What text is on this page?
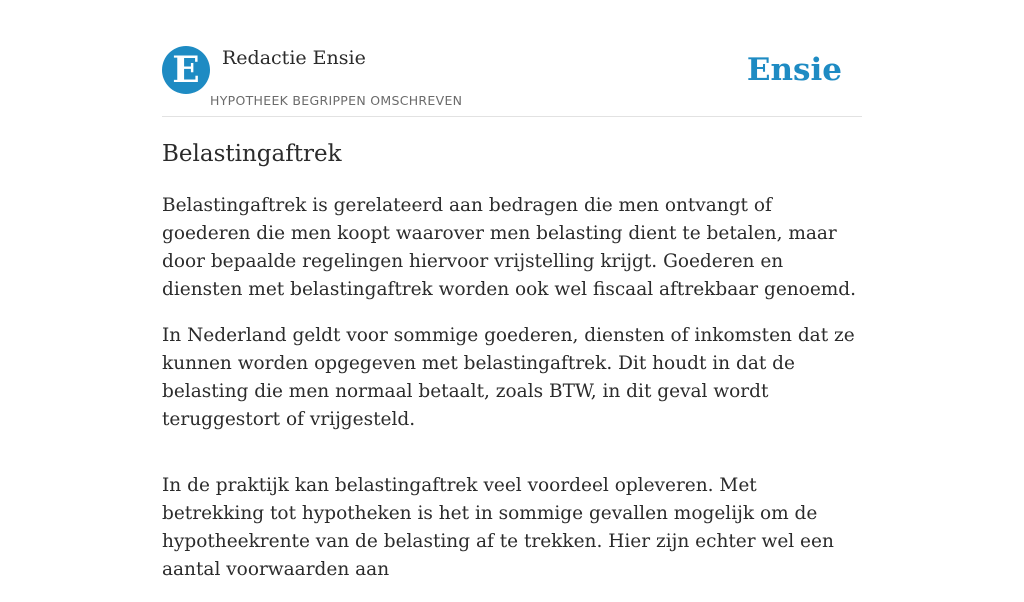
E	Redactie Ensie
HYPOTHEEK BEGRIPPEN OMSCHREVEN
Ensie
Belastingaftrek

Belastingaftrek is gerelateerd aan bedragen die men ontvangt of goederen die men koopt waarover men belasting dient te betalen, maar door bepaalde regelingen hiervoor vrijstelling krijgt. Goederen en diensten met belastingaftrek worden ook wel fiscaal aftrekbaar genoemd.

In Nederland geldt voor sommige goederen, diensten of inkomsten dat ze kunnen worden opgegeven met belastingaftrek. Dit houdt in dat de belasting die men normaal betaalt, zoals BTW, in dit geval wordt teruggestort of vrijgesteld.

In de praktijk kan belastingaftrek veel voordeel opleveren. Met betrekking tot hypotheken is het in sommige gevallen mogelijk om de hypotheekrente van de belasting af te trekken. Hier zijn echter wel een aantal voorwaarden aan
